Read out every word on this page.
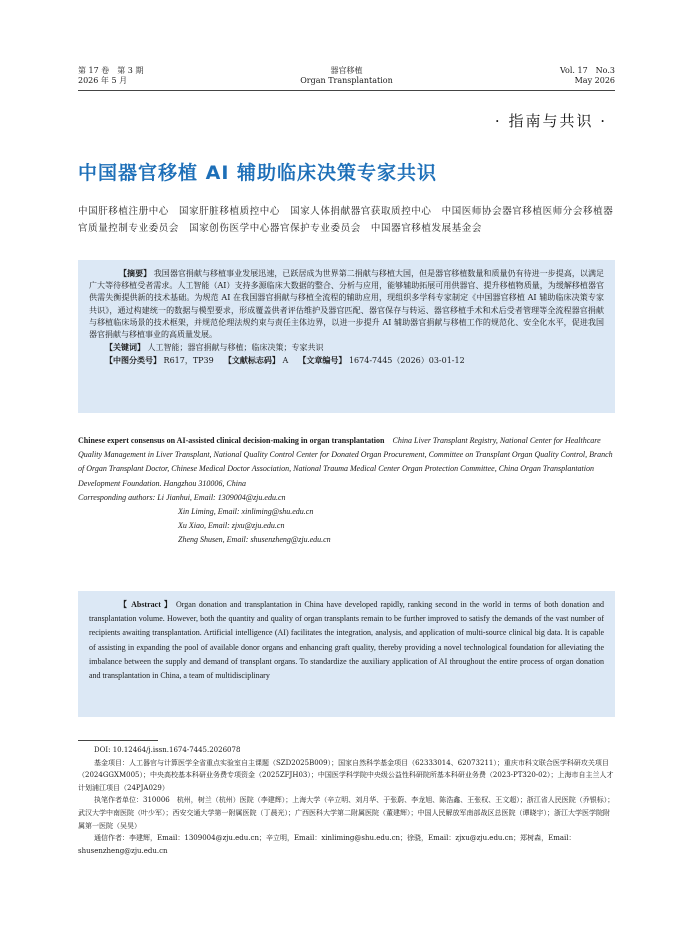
第 17 卷　第 3 期
2026 年 5 月
器官移植
Organ Transplantation
Vol. 17　No.3
May 2026
· 指南与共识 ·
中国器官移植 AI 辅助临床决策专家共识
中国肝移植注册中心　国家肝脏移植质控中心　国家人体捐献器官获取质控中心　中国医师协会器官移植医师分会移植器官质量控制专业委员会　国家创伤医学中心器官保护专业委员会　中国器官移植发展基金会

【摘要】 我国器官捐献与移植事业发展迅速，已跃居成为世界第二捐献与移植大国，但是器官移植数量和质量仍有待进一步提高，以满足广大等待移植受者需求。人工智能（AI）支持多源临床大数据的整合、分析与应用，能够辅助拓展可用供器官、提升移植物质量，为缓解移植器官供需失衡提供新的技术基础。为规范 AI 在我国器官捐献与移植全流程的辅助应用，现组织多学科专家制定《中国器官移植 AI 辅助临床决策专家共识》，通过构建统一的数据与模型要求，形成覆盖供者评估维护及器官匹配、器官保存与转运、器官移植手术和术后受者管理等全流程器官捐献与移植临床场景的技术框架，并规范伦理法规约束与责任主体边界，以进一步提升 AI 辅助器官捐献与移植工作的规范化、安全化水平，促进我国器官捐献与移植事业的高质量发展。

【关键词】 人工智能；器官捐献与移植；临床决策；专家共识

【中图分类号】 R617，TP39 【文献标志码】 A 【文章编号】 1674-7445（2026）03-01-12

Chinese expert consensus on AI-assisted clinical decision-making in organ transplantation China Liver Transplant Registry, National Center for Healthcare Quality Management in Liver Transplant, National Quality Control Center for Donated Organ Procurement, Committee on Transplant Organ Quality Control, Branch of Organ Transplant Doctor, Chinese Medical Doctor Association, National Trauma Medical Center Organ Protection Committee, China Organ Transplantation Development Foundation. Hangzhou 310006, China

Corresponding authors: Li Jianhui, Email: 1309004@zju.edu.cn

Xin Liming, Email: xinliming@shu.edu.cn

Xu Xiao, Email: zjxu@zju.edu.cn

Zheng Shusen, Email: shusenzheng@zju.edu.cn

【 Abstract 】 Organ donation and transplantation in China have developed rapidly, ranking second in the world in terms of both donation and transplantation volume. However, both the quantity and quality of organ transplants remain to be further improved to satisfy the demands of the vast number of recipients awaiting transplantation. Artificial intelligence (AI) facilitates the integration, analysis, and application of multi-source clinical big data. It is capable of assisting in expanding the pool of available donor organs and enhancing graft quality, thereby providing a novel technological foundation for alleviating the imbalance between the supply and demand of transplant organs. To standardize the auxiliary application of AI throughout the entire process of organ donation and transplantation in China, a team of multidisciplinary

DOI: 10.12464/j.issn.1674-7445.2026078

基金项目：人工器官与计算医学全省重点实验室自主课题（SZD2025B009）；国家自然科学基金项目（62333014、62073211）；重庆市科文联合医学科研攻关项目（2024GGXM005）；中央高校基本科研业务费专项资金（2025ZFJH03）；中国医学科学院中央级公益性科研院所基本科研业务费（2023-PT320-02）；上海市自主兰人才计划浦江项目（24PJA029）

执笔作者单位：310006　杭州，树兰（杭州）医院（李建辉）；上海大学（辛立明、刘月华、于张蔚、李龙旭、陈浩鑫、王张权、王文超）；浙江省人民医院（乔银标）；武汉大学中南医院（叶少军）；西安交通大学第一附属医院（丁晨光）；广西医科大学第二附属医院（董建辉）；中国人民解放军南部战区总医院（谭晓宇）；浙江大学医学院附属第一医院（吴昊）

通信作者：李建辉，Email：1309004@zju.edu.cn；辛立明，Email：xinliming@shu.edu.cn；徐骁，Email：zjxu@zju.edu.cn；郑树森，Email：shusenzheng@zju.edu.cn
